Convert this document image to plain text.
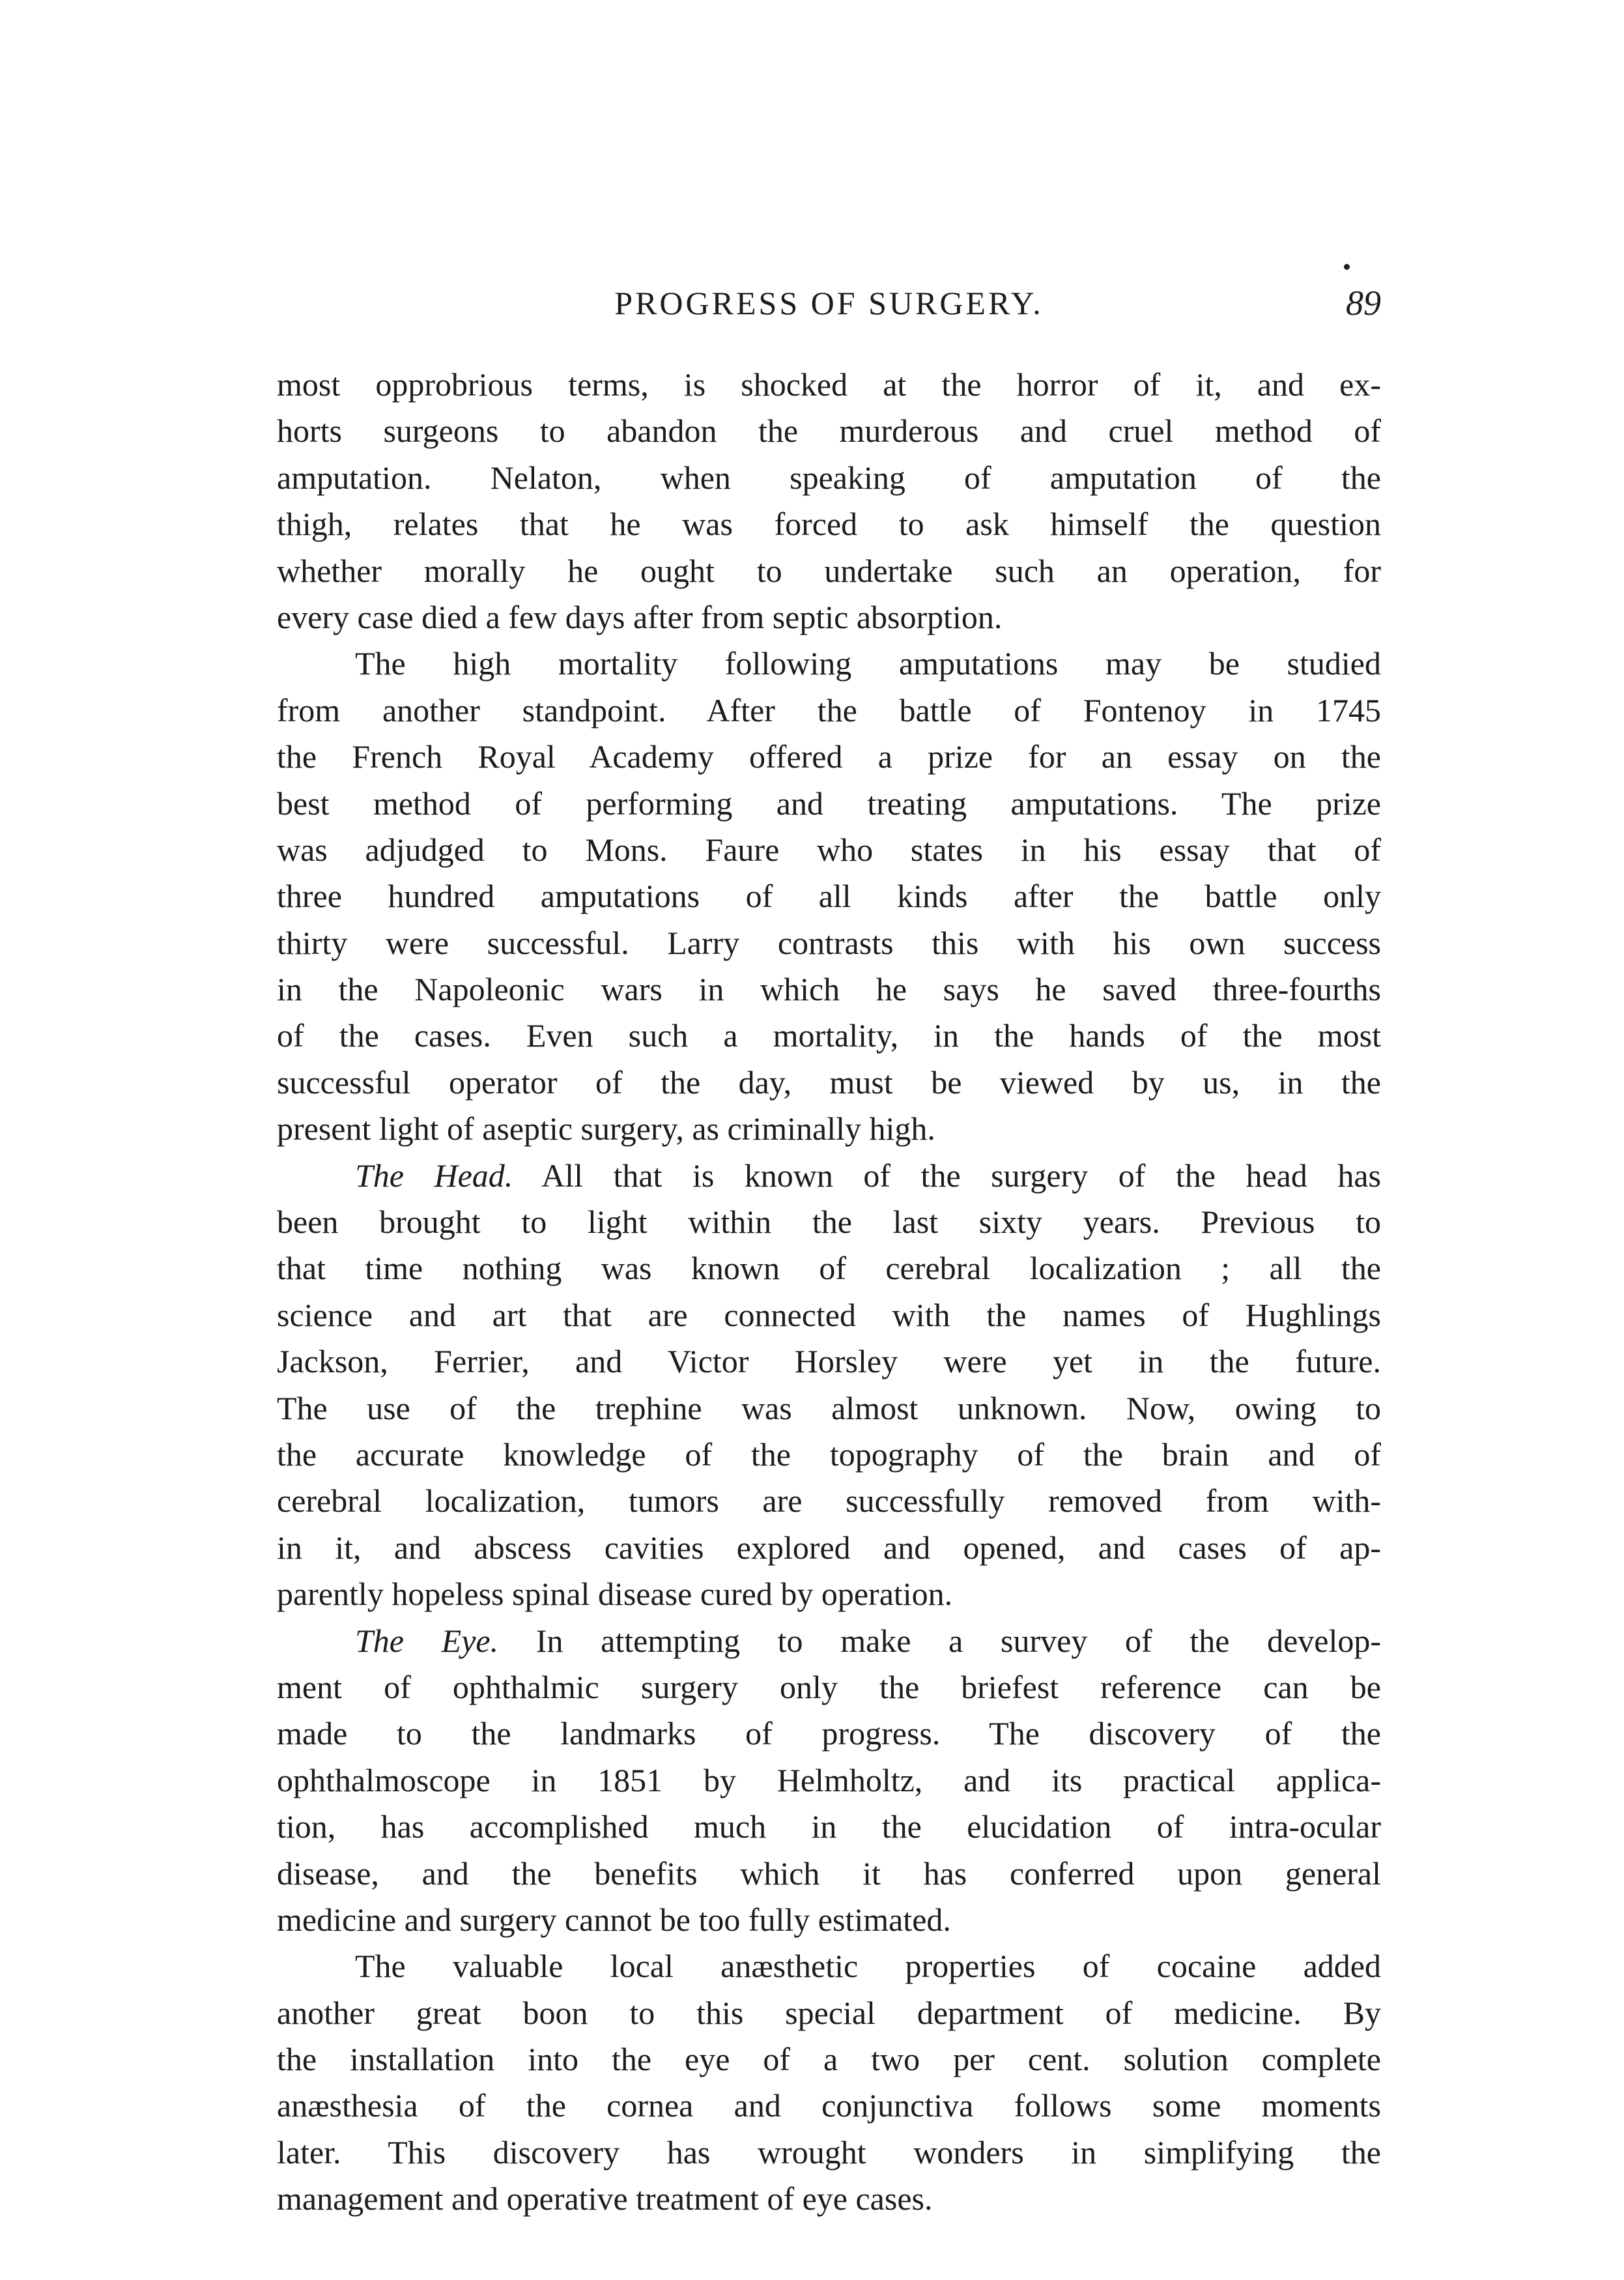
PROGRESS OF SURGERY.	89
most opprobrious terms, is shocked at the horror of it, and ex-
horts surgeons to abandon the murderous and cruel method of
amputation. Nelaton, when speaking of amputation of the
thigh, relates that he was forced to ask himself the question
whether morally he ought to undertake such an operation, for
every case died a few days after from septic absorption.
The high mortality following amputations may be studied
from another standpoint. After the battle of Fontenoy in 1745
the French Royal Academy offered a prize for an essay on the
best method of performing and treating amputations. The prize
was adjudged to Mons. Faure who states in his essay that of
three hundred amputations of all kinds after the battle only
thirty were successful. Larry contrasts this with his own success
in the Napoleonic wars in which he says he saved three-fourths
of the cases. Even such a mortality, in the hands of the most
successful operator of the day, must be viewed by us, in the
present light of aseptic surgery, as criminally high.
The Head. All that is known of the surgery of the head has
been brought to light within the last sixty years. Previous to
that time nothing was known of cerebral localization ; all the
science and art that are connected with the names of Hughlings
Jackson, Ferrier, and Victor Horsley were yet in the future.
The use of the trephine was almost unknown. Now, owing to
the accurate knowledge of the topography of the brain and of
cerebral localization, tumors are successfully removed from with-
in it, and abscess cavities explored and opened, and cases of ap-
parently hopeless spinal disease cured by operation.
The Eye. In attempting to make a survey of the develop-
ment of ophthalmic surgery only the briefest reference can be
made to the landmarks of progress. The discovery of the
ophthalmoscope in 1851 by Helmholtz, and its practical applica-
tion, has accomplished much in the elucidation of intra-ocular
disease, and the benefits which it has conferred upon general
medicine and surgery cannot be too fully estimated.
The valuable local anæsthetic properties of cocaine added
another great boon to this special department of medicine. By
the installation into the eye of a two per cent. solution complete
anæsthesia of the cornea and conjunctiva follows some moments
later. This discovery has wrought wonders in simplifying the
management and operative treatment of eye cases.
